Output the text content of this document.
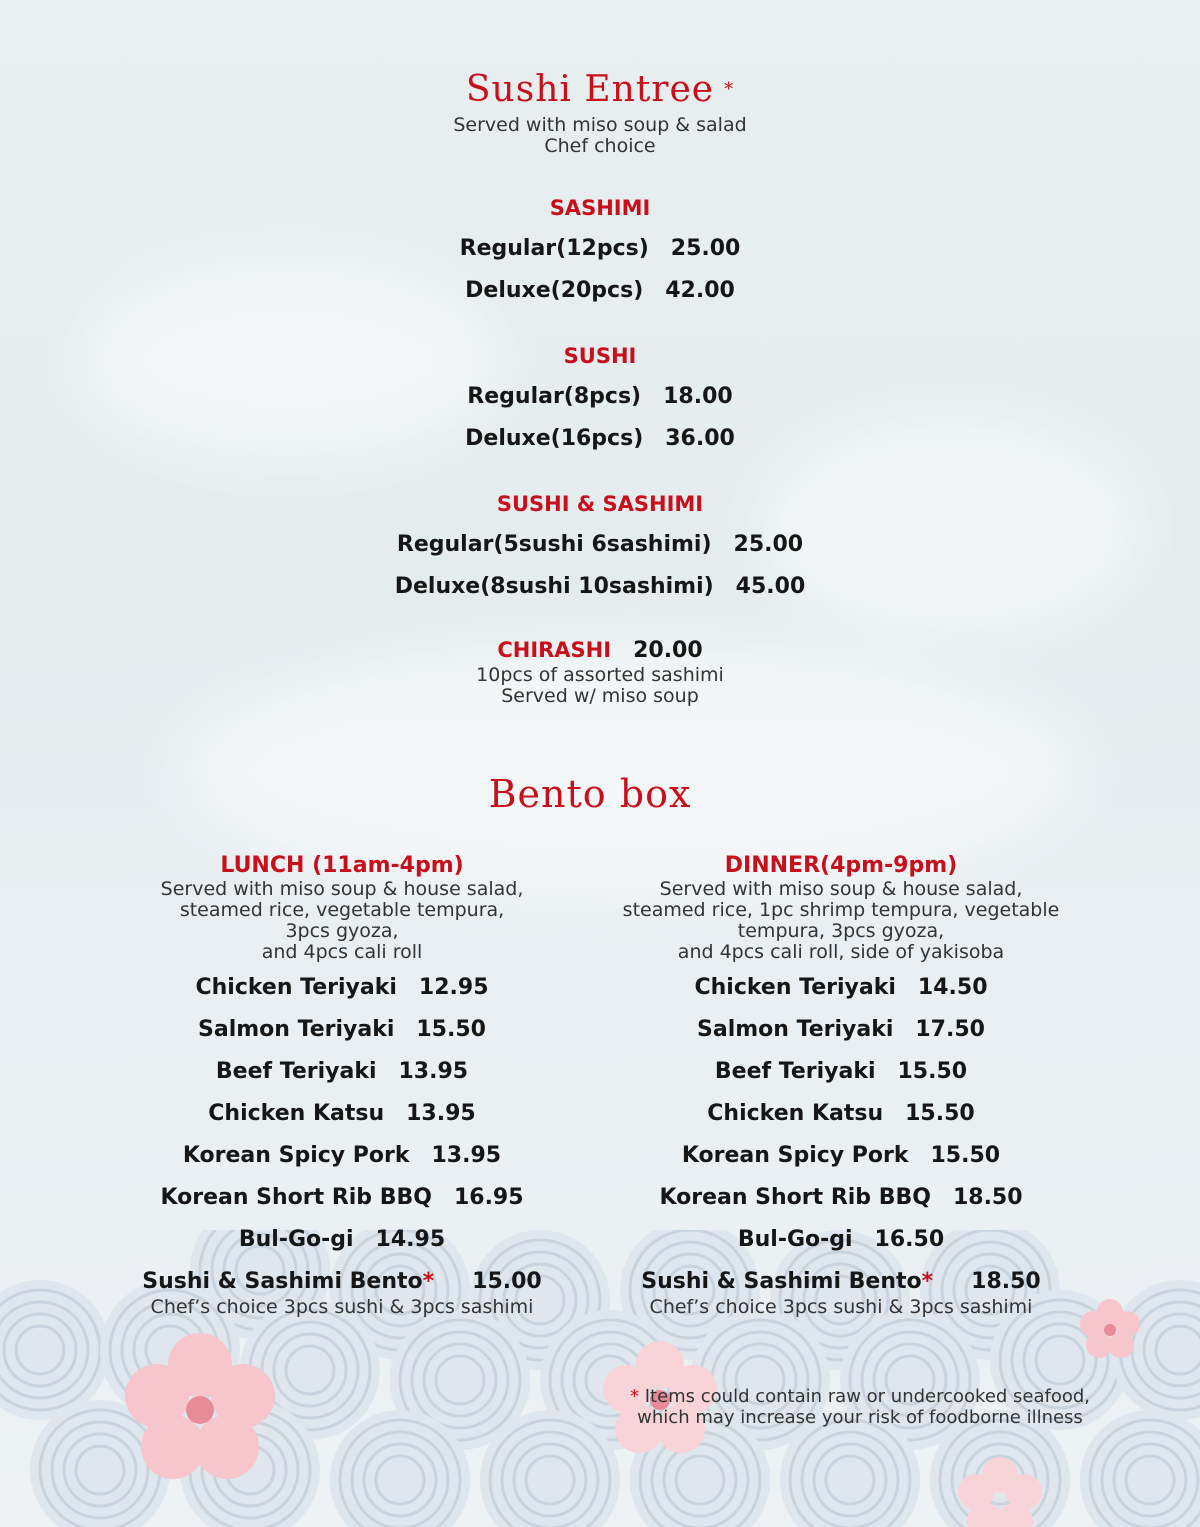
Sushi Entree *
Served with miso soup & salad
Chef choice
SASHIMI
Regular(12pcs) 25.00
Deluxe(20pcs) 42.00
SUSHI
Regular(8pcs) 18.00
Deluxe(16pcs) 36.00
SUSHI & SASHIMI
Regular(5sushi 6sashimi) 25.00
Deluxe(8sushi 10sashimi) 45.00
CHIRASHI 20.00
10pcs of assorted sashimi
Served w/ miso soup
Bento box
LUNCH (11am-4pm)
Served with miso soup & house salad,
steamed rice, vegetable tempura,
3pcs gyoza,
and 4pcs cali roll
Chicken Teriyaki 12.95
Salmon Teriyaki 15.50
Beef Teriyaki 13.95
Chicken Katsu 13.95
Korean Spicy Pork 13.95
Korean Short Rib BBQ 16.95
Bul-Go-gi 14.95
Sushi & Sashimi Bento* 15.00
Chef’s choice 3pcs sushi & 3pcs sashimi
DINNER(4pm-9pm)
Served with miso soup & house salad,
steamed rice, 1pc shrimp tempura, vegetable
tempura, 3pcs gyoza,
and 4pcs cali roll, side of yakisoba
Chicken Teriyaki 14.50
Salmon Teriyaki 17.50
Beef Teriyaki 15.50
Chicken Katsu 15.50
Korean Spicy Pork 15.50
Korean Short Rib BBQ 18.50
Bul-Go-gi 16.50
Sushi & Sashimi Bento* 18.50
Chef’s choice 3pcs sushi & 3pcs sashimi
* Items could contain raw or undercooked seafood,
which may increase your risk of foodborne illness
